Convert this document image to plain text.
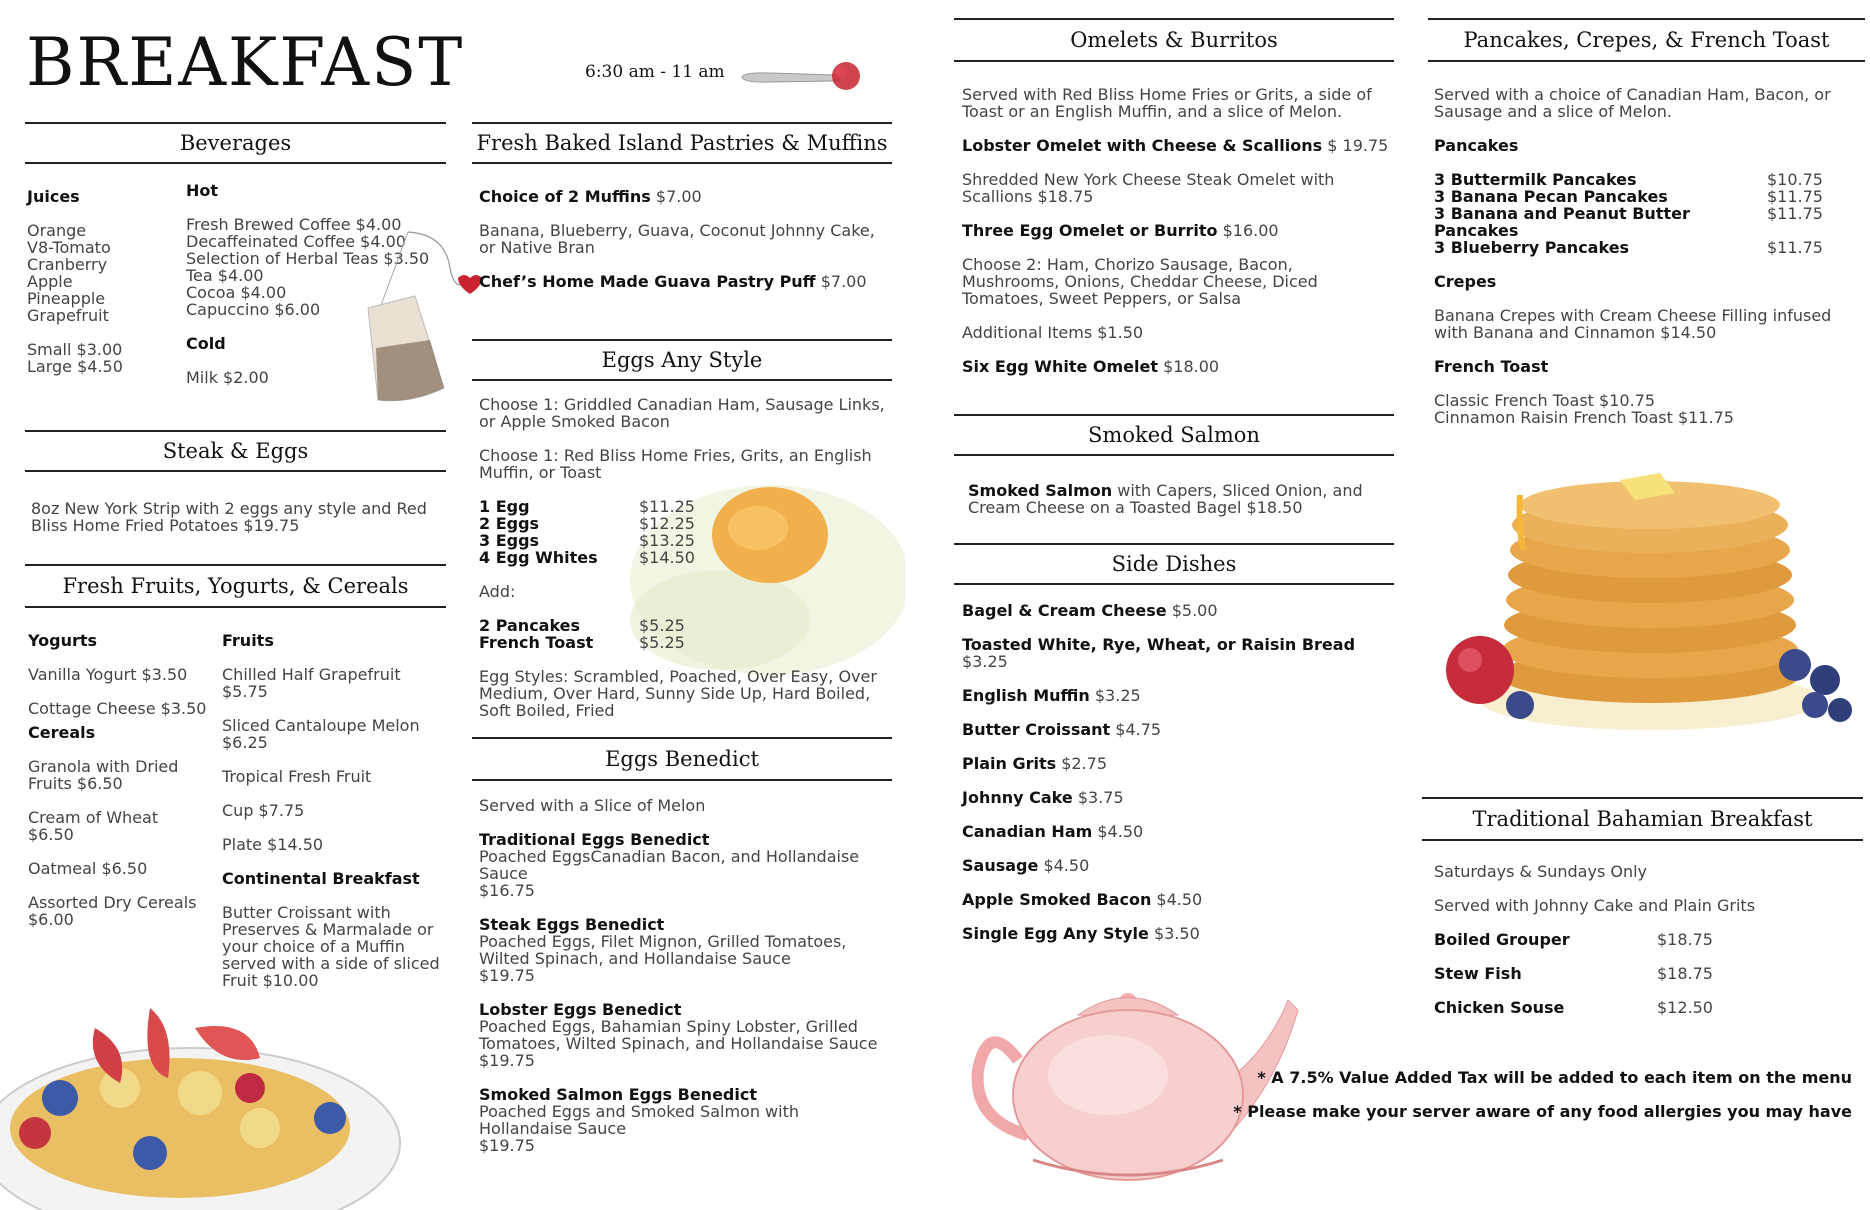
BREAKFAST	6:30 am - 11 am
Beverages

Juices

Orange
V8-Tomato
Cranberry
Apple
Pineapple
Grapefruit
Small $3.00
Large $4.50

Hot

Fresh Brewed Coffee $4.00
Decaffeinated Coffee $4.00
Selection of Herbal Teas $3.50
Tea $4.00
Cocoa $4.00
Capuccino $6.00

Cold

Milk $2.00
Steak & Eggs
8oz New York Strip with 2 eggs any style and Red Bliss Home Fried Potatoes $19.75
Fresh Fruits, Yogurts, & Cereals

Yogurts

Vanilla Yogurt $3.50

Cottage Cheese $3.50

Cereals

Granola with Dried Fruits $6.50

Cream of Wheat $6.50

Oatmeal $6.50

Assorted Dry Cereals $6.00

Fruits

Chilled Half Grapefruit $5.75

Sliced Cantaloupe Melon $6.25

Tropical Fresh Fruit

Cup $7.75

Plate $14.50

Continental Breakfast

Butter Croissant with Preserves & Marmalade or your choice of a Muffin served with a side of sliced Fruit $10.00

Fresh Baked Island Pastries & Muffins

Choice of 2 Muffins $7.00

Banana, Blueberry, Guava, Coconut Johnny Cake, or Native Bran

Chef’s Home Made Guava Pastry Puff $7.00

Eggs Any Style

Choose 1: Griddled Canadian Ham, Sausage Links, or Apple Smoked Bacon

Choose 1: Red Bliss Home Fries, Grits, an English Muffin, or Toast

1 Egg	$11.25
2 Eggs	$12.25
3 Eggs	$13.25
4 Egg Whites	$14.50

Add:

2 Pancakes	$5.25
French Toast	$5.25

Egg Styles: Scrambled, Poached, Over Easy, Over Medium, Over Hard, Sunny Side Up, Hard Boiled, Soft Boiled, Fried

Eggs Benedict

Served with a Slice of Melon

Traditional Eggs Benedict
Poached EggsCanadian Bacon, and Hollandaise Sauce
$16.75
Steak Eggs Benedict
Poached Eggs, Filet Mignon, Grilled Tomatoes, Wilted Spinach, and Hollandaise Sauce
$19.75
Lobster Eggs Benedict
Poached Eggs, Bahamian Spiny Lobster, Grilled Tomatoes, Wilted Spinach, and Hollandaise Sauce
$19.75
Smoked Salmon Eggs Benedict
Poached Eggs and Smoked Salmon with Hollandaise Sauce
$19.75
Omelets & Burritos

Served with Red Bliss Home Fries or Grits, a side of Toast or an English Muffin, and a slice of Melon.

Lobster Omelet with Cheese & Scallions $ 19.75

Shredded New York Cheese Steak Omelet with Scallions $18.75

Three Egg Omelet or Burrito $16.00

Choose 2: Ham, Chorizo Sausage, Bacon, Mushrooms, Onions, Cheddar Cheese, Diced Tomatoes, Sweet Peppers, or Salsa

Additional Items $1.50

Six Egg White Omelet $18.00

Smoked Salmon
Smoked Salmon with Capers, Sliced Onion, and Cream Cheese on a Toasted Bagel $18.50
Side Dishes

Bagel & Cream Cheese $5.00

Toasted White, Rye, Wheat, or Raisin Bread $3.25

English Muffin $3.25

Butter Croissant $4.75

Plain Grits $2.75

Johnny Cake $3.75

Canadian Ham $4.50

Sausage $4.50

Apple Smoked Bacon $4.50

Single Egg Any Style $3.50

Pancakes, Crepes, & French Toast

Served with a choice of Canadian Ham, Bacon, or Sausage and a slice of Melon.

Pancakes

3 Buttermilk Pancakes	$10.75
3 Banana Pecan Pancakes	$11.75
3 Banana and Peanut Butter Pancakes
$11.75
3 Blueberry Pancakes	$11.75

Crepes

Banana Crepes with Cream Cheese Filling infused with Banana and Cinnamon $14.50

French Toast

Classic French Toast $10.75
Cinnamon Raisin French Toast $11.75
Traditional Bahamian Breakfast

Saturdays & Sundays Only

Served with Johnny Cake and Plain Grits

Boiled Grouper	$18.75

Stew Fish	$18.75

Chicken Souse	$12.50

* A 7.5% Value Added Tax will be added to each item on the menu
* Please make your server aware of any food allergies you may have
